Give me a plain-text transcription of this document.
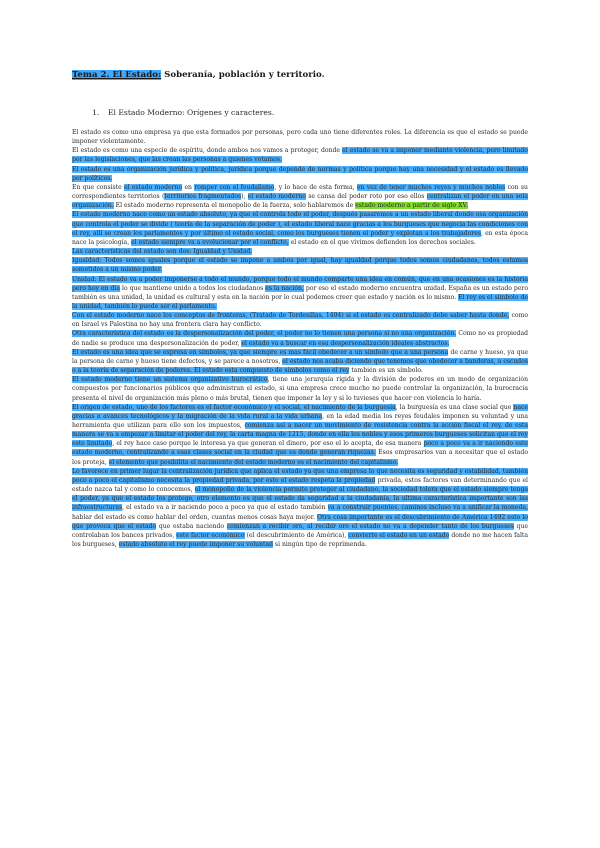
Tema 2. El Estado: Soberanía, población y territorio.
1. El Estado Moderno: Orígenes y caracteres.

El estado es como una empresa ya que esta formados por personas, pero cada uno tiene diferentes roles. La diferencia es que el estado se puede imponer violentamente.

El estado es como una especie de espíritu, donde ambos nos vamos a proteger, donde el estado se va a imponer mediante violencia, pero limitado por las legislaciones, que las crean las personas a quienes votamos.

El estado es una organización jurídica y política, jurídica porque depende de normas y política porque hay una necesidad y el estado es llevado por políticos.

En que consiste el estado moderno en romper con el feudalismo, y lo hace de esta forma, en vez de tener muchos reyes y muchos nobles con su correspondientes territorios (territorios fragmentados), el estado moderno se cansa del poder roto por eso ellos centralizan el poder en una sola organización. El estado moderno representa el monopolio de la fuerza, solo hablaremos de estado moderno a partir de siglo XV.

El estado moderno nace como un estado absoluto, ya que el controla todo el poder, después pasaremos a un estado liberal donde esa organización que controla el poder se divide ( teoría de la separación de poder ), el estado liberal nace gracias a los burgueses que negocia las condiciones con el rey, allí se crean los parlamentos y por último el estado social, como los burgueses tienen el poder y explotan a los trabajadores, en esta época nace la psicología, el estado siempre va a evolucionar por el conflicto, el estado en el que vivimos defienden los derechos sociales.

Las características del estado son dos: Igualdad y Unidad.

Igualdad: Todos somos iguales porque el estado se impone a ambos por igual, hay igualdad porque todos somos ciudadanos, todos estamos sometidos a un mismo poder.

Unidad: El estado va a poder imponerse a todo el mundo, porque todo el mundo comparte una idea en común, que en una ocasiones es la historia pero hoy en día lo que mantiene unido a todos los ciudadanos es la nación, por eso el estado moderno encuentra unidad. España es un estado pero también es una unidad, la unidad es cultural y esta en la nación por lo cual podemos creer que estado y nación es lo mismo. El rey es el símbolo de la unidad, también lo puede ser el parlamento.

Con el estado moderno nace los conceptos de fronteras, (Tratado de Tordesillas, 1494) si el estado es centralizado debe saber hasta donde, como en Israel vs Palestina no hay una frontera clara hay conflicto.

Otra característica del estado es la despersonalización del poder, el poder no lo tienen una persona si no una organización. Como no es propiedad de nadie se produce una despersonalización de poder, el estado va a buscar en esa despersonalización ideales abstractos.

El estado es una idea que se expresa en símbolos, ya que siempre es mas fácil obedecer a un símbolo que a una persona de carne y hueso, ya que la persona de carne y hueso tiene defectos, y se parece a nosotros, el estado nos acaba diciendo que tenemos que obedecer a banderas, a escudos o a la teoría de separación de poderes. El estado esta compuesto de símbolos como el rey también es un símbolo.

El estado moderno tiene un sistema organizativo burocrático, tiene una jerarquía rígida y la división de poderes en un modo de organización compuestos por funcionarios públicos que administran el estado, si una empresa crece mucho no puede controlar la organización, la burocracia presenta el nivel de organización más pleno o más brutal, tienen que imponer la ley y si lo tuvieses que hacer con violencia lo haría.

El origen de estado, uno de los factores es el factor económico y el social, el nacimiento de la burguesía, la burguesía es una clase social que nace gracias a avances tecnológicos y la migración de la vida rural a la vida urbana, en la edad media los reyes feudales imponen su voluntad y una herramienta que utilizan para ello son los impuestos, comienza así a nacer un movimiento de resistencia contra la acción fiscal el rey, de esta manera se va a empezar a limitar el poder del rey, la carta magna de 1215, donde en ella los nobles y esos primeros burgueses solicitan que el rey este limitado, el rey hace caso porque le interesa ya que generan el dinero, por eso el lo acepta, de esa manera poco a poco va a ir naciendo este estado moderno, centralizando a esas clases social en la ciudad que es donde generan riquezas. Esos empresarios van a necesitar que el estado los proteja, el elemento que posibilita el nacimiento del estado moderno es el nacimiento del capitalismo.

Lo favorece en primer lugar la centralización jurídica que aplica el estado ya que una empresa lo que necesita es seguridad y estabilidad, también poco a poco el capitalismo necesita la propiedad privada, por esto el estado respeta la propiedad privada, estos factores van determinando que el estado nazca tal y como lo conocemos, el monopolio de la violencia permite proteger al ciudadano, la sociedad tolera que el estado siempre tenga el poder, ya que el estado los protege, otro elemento es que el estado da seguridad a la ciudadanía, la ultima característica importante son las infraestructuras, el estado va a ir naciendo poco a poco ya que el estado también va a construir puentes, caminos incluso va a unificar la moneda, hablar del estado es como hablar del orden, cuantas menos cosas haya mejor. Otra cosa importante es el descubrimiento de América 1492 esto lo que provoca que el estado que estaba naciendo comienzan a recibir oro, al recibir oro el estado no va a depender tanto de los burgueses que controlaban los bancos privados, este factor económico (el descubrimiento de América), convierte el estado en un estado donde no me hacen falta los burgueses, estado absoluto el rey puede imponer su voluntad si ningún tipo de reprimenda.
